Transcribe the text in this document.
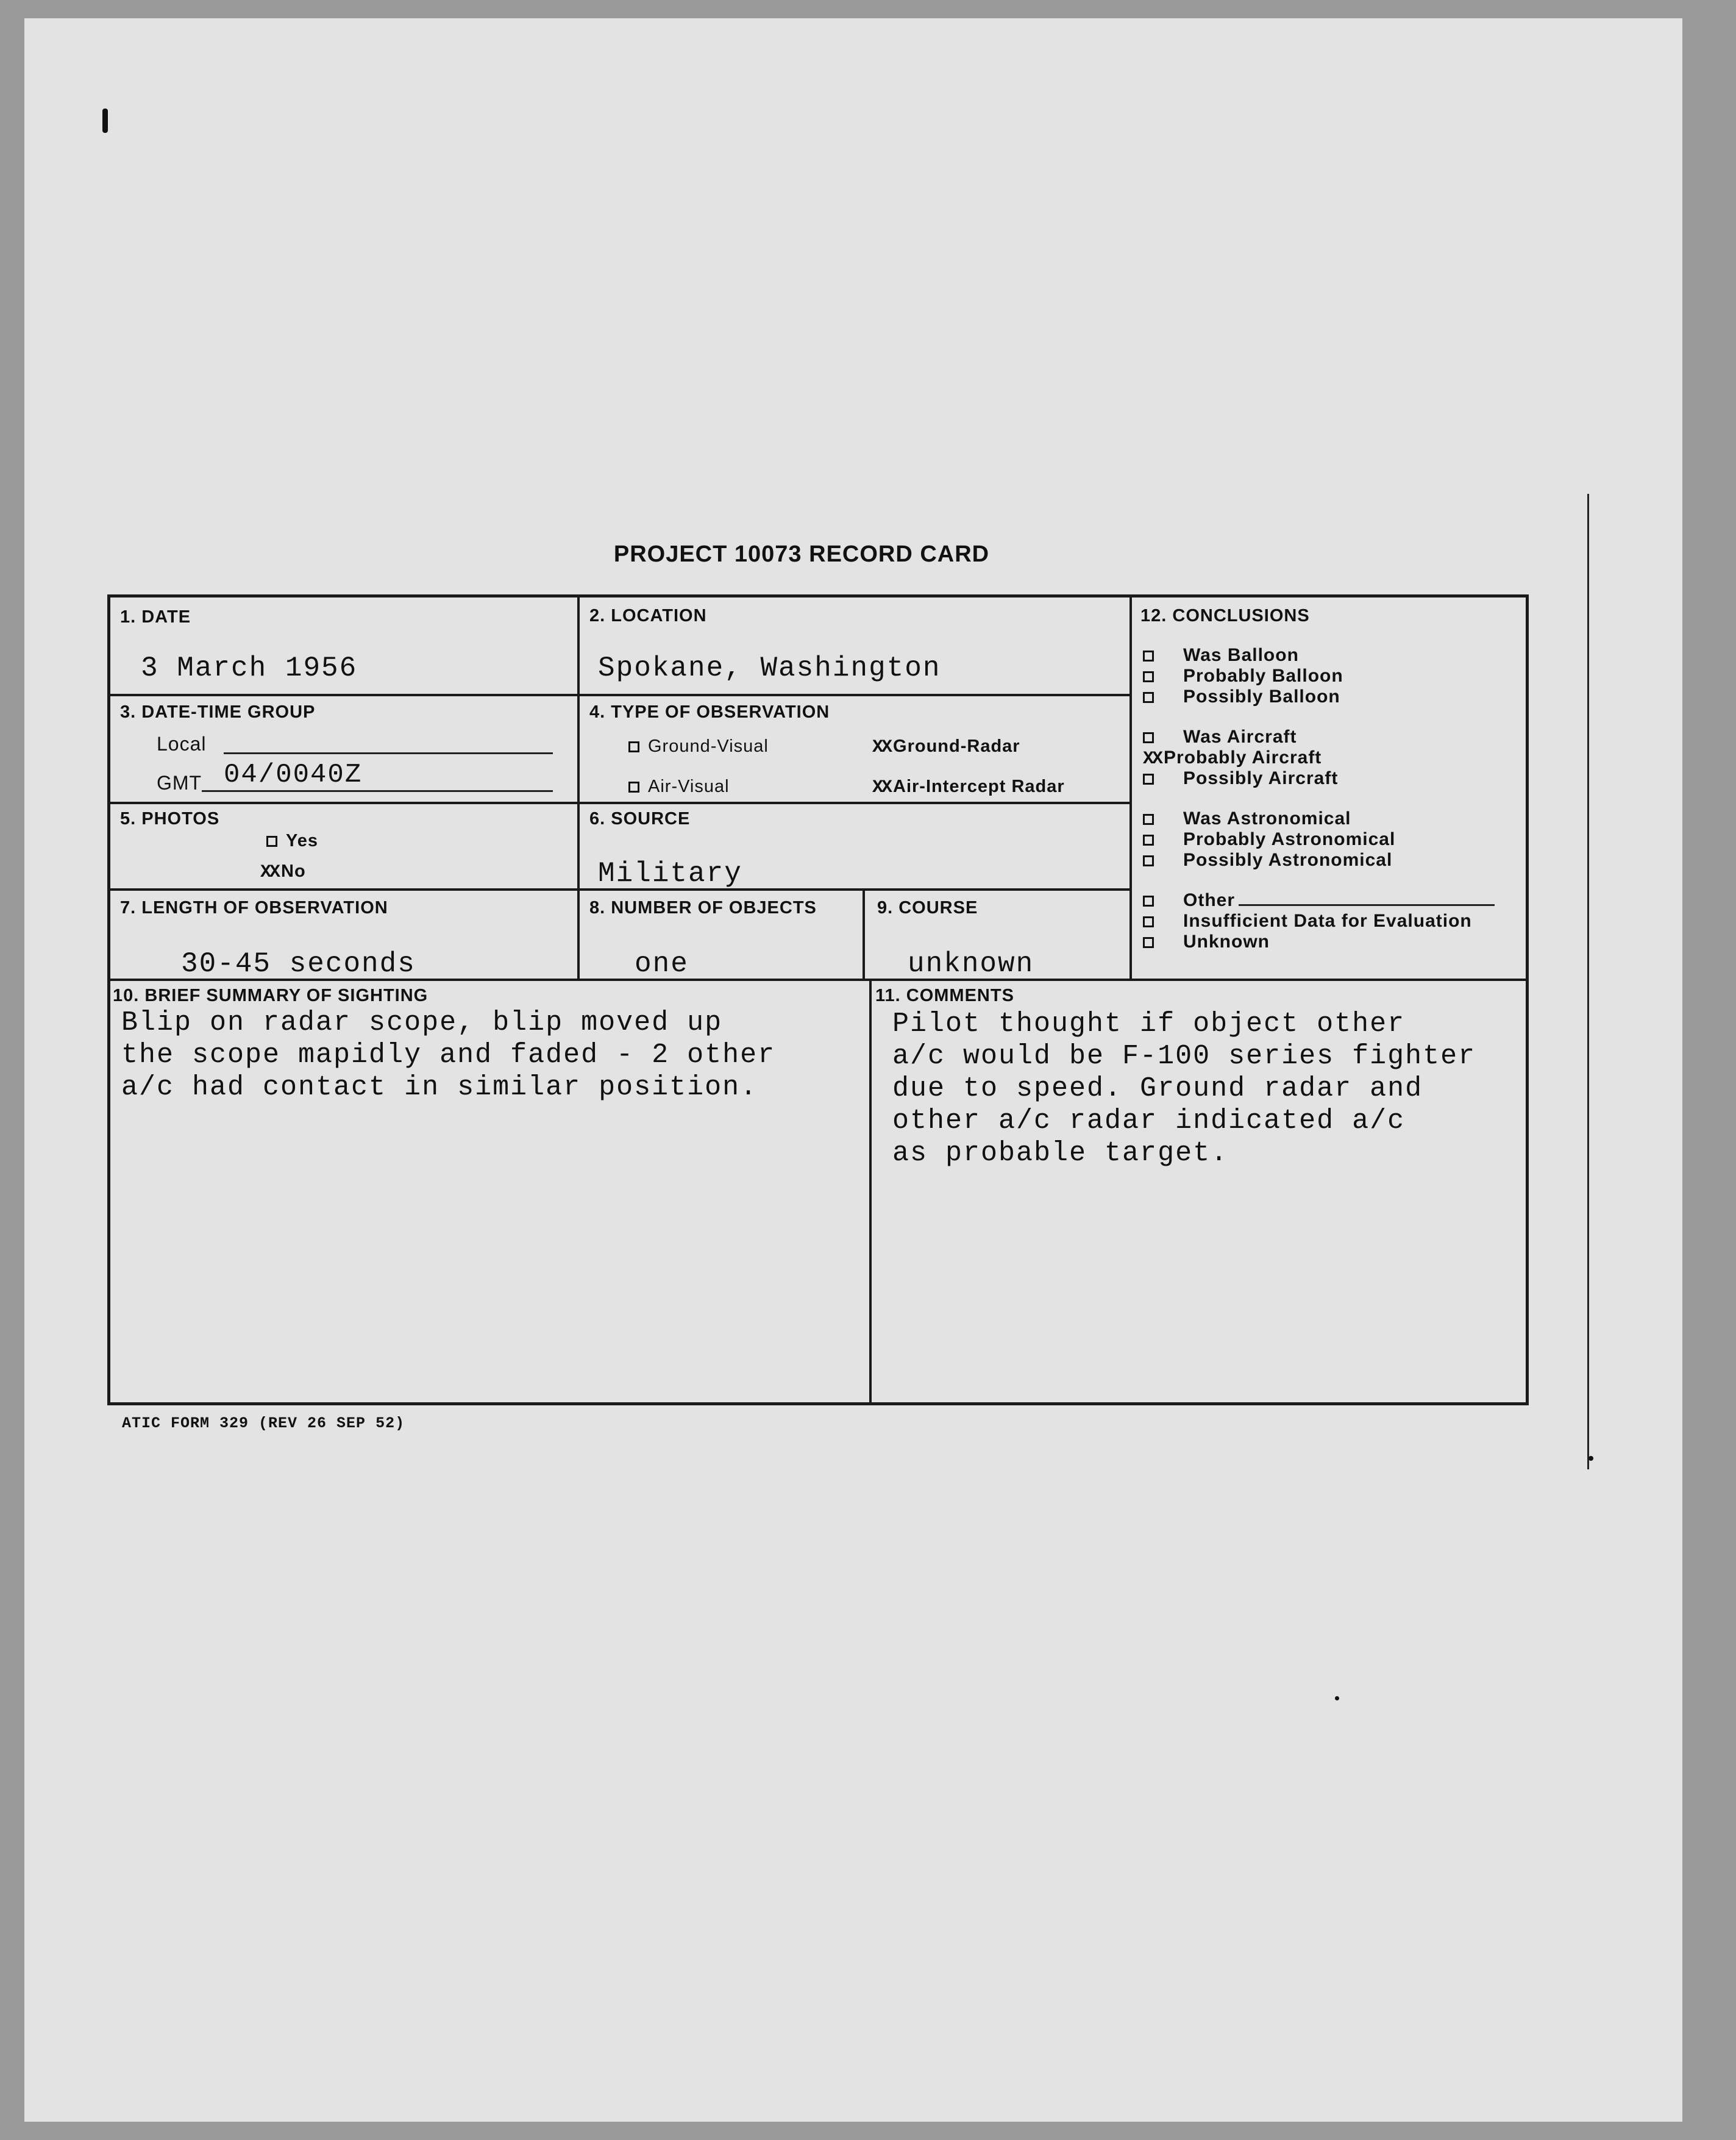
PROJECT 10073 RECORD CARD
1. DATE
3 March 1956
2. LOCATION
Spokane, Washington
3. DATE-TIME GROUP
Local
GMT 04/0040Z
4. TYPE OF OBSERVATION
Ground-Visual	XX Ground-Radar
Air-Visual	XX Air-Intercept Radar
5. PHOTOS
Yes
XX No
6. SOURCE
Military
7. LENGTH OF OBSERVATION
30-45 seconds
8. NUMBER OF OBJECTS
one
9. COURSE
unknown
12. CONCLUSIONS
Was Balloon
Probably Balloon
Possibly Balloon
Was Aircraft
XX Probably Aircraft
Possibly Aircraft
Was Astronomical
Probably Astronomical
Possibly Astronomical
Other
Insufficient Data for Evaluation
Unknown
10. BRIEF SUMMARY OF SIGHTING
Blip on radar scope, blip moved up
the scope mapidly and faded - 2 other
a/c had contact in similar position.
11. COMMENTS
Pilot thought if object other
a/c would be F-100 series fighter
due to speed. Ground radar and
other a/c radar indicated a/c
as probable target.
ATIC FORM 329 (REV 26 SEP 52)
